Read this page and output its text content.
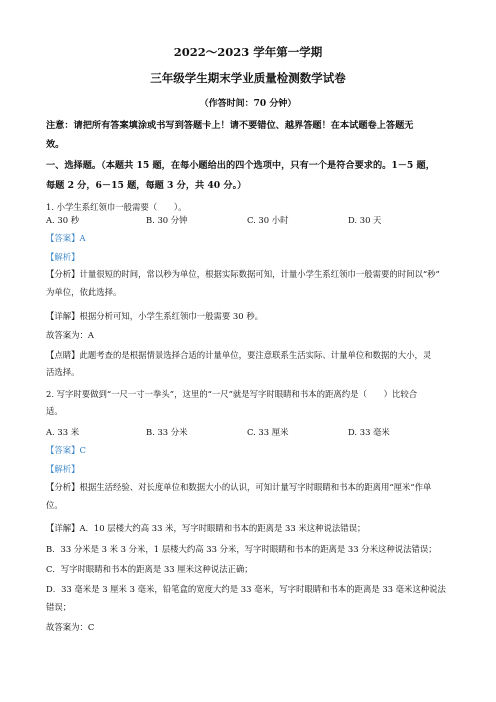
2022～2023 学年第一学期
三年级学生期末学业质量检测数学试卷
（作答时间：70 分钟）
注意：请把所有答案填涂或书写到答题卡上！请不要错位、越界答题！在本试题卷上答题无
效。
一、选择题。（本题共 15 题，在每小题给出的四个选项中，只有一个是符合要求的。1－5 题，
每题 2 分，6－15 题，每题 3 分，共 40 分。）
1. 小学生系红领巾一般需要（　　）。
A. 30 秒	B. 30 分钟	C. 30 小时	D. 30 天
【答案】A
【解析】
【分析】计量很短的时间，常以秒为单位，根据实际数据可知，计量小学生系红领巾一般需要的时间以“秒”
为单位，依此选择。
【详解】根据分析可知，小学生系红领巾一般需要 30 秒。
故答案为：A
【点睛】此题考查的是根据情景选择合适的计量单位，要注意联系生活实际、计量单位和数据的大小，灵
活选择。
2. 写字时要做到“一尺一寸一拳头”，这里的“一尺”就是写字时眼睛和书本的距离约是（　　）比较合
适。
A. 33 米	B. 33 分米	C. 33 厘米	D. 33 毫米
【答案】C
【解析】
【分析】根据生活经验、对长度单位和数据大小的认识，可知计量写字时眼睛和书本的距离用“厘米”作单
位。
【详解】A．10 层楼大约高 33 米，写字时眼睛和书本的距离是 33 米这种说法错误；
B．33 分米是 3 米 3 分米，1 层楼大约高 33 分米，写字时眼睛和书本的距离是 33 分米这种说法错误；
C．写字时眼睛和书本的距离是 33 厘米这种说法正确；
D．33 毫米是 3 厘米 3 毫米，铅笔盒的宽度大约是 33 毫米，写字时眼睛和书本的距离是 33 毫米这种说法
错误；
故答案为：C
